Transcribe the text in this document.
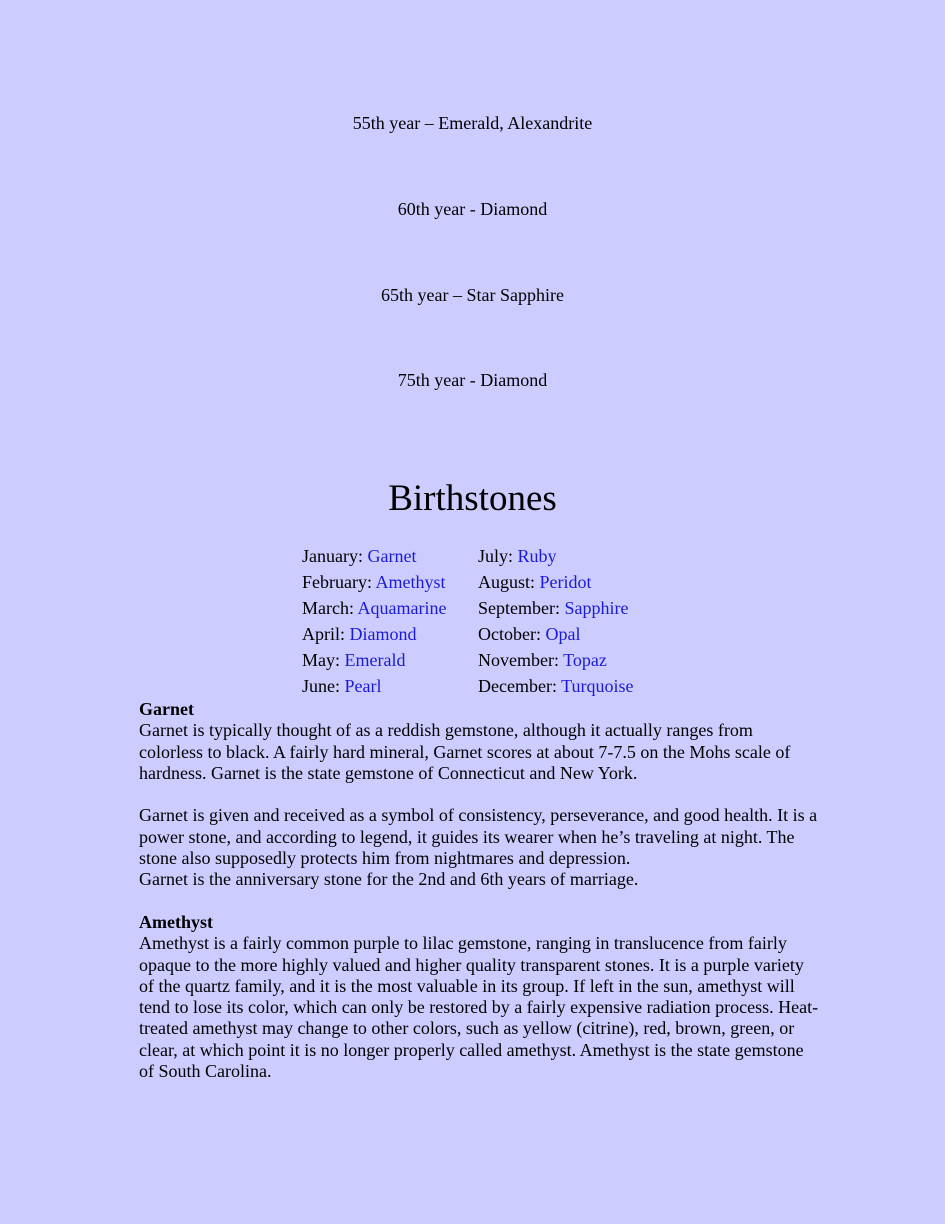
55th year – Emerald, Alexandrite
60th year - Diamond
65th year – Star Sapphire
75th year - Diamond
Birthstones
January: Garnet
February: Amethyst
March: Aquamarine
April: Diamond
May: Emerald
June: Pearl
July: Ruby
August: Peridot
September: Sapphire
October: Opal
November: Topaz
December: Turquoise
Garnet

Garnet is typically thought of as a reddish gemstone, although it actually ranges from colorless to black. A fairly hard mineral, Garnet scores at about 7-7.5 on the Mohs scale of hardness. Garnet is the state gemstone of Connecticut and New York.

Garnet is given and received as a symbol of consistency, perseverance, and good health. It is a power stone, and according to legend, it guides its wearer when he’s traveling at night. The stone also supposedly protects him from nightmares and depression.

Garnet is the anniversary stone for the 2nd and 6th years of marriage.

Amethyst

Amethyst is a fairly common purple to lilac gemstone, ranging in translucence from fairly opaque to the more highly valued and higher quality transparent stones. It is a purple variety of the quartz family, and it is the most valuable in its group. If left in the sun, amethyst will tend to lose its color, which can only be restored by a fairly expensive radiation process. Heat-treated amethyst may change to other colors, such as yellow (citrine), red, brown, green, or clear, at which point it is no longer properly called amethyst. Amethyst is the state gemstone of South Carolina.
